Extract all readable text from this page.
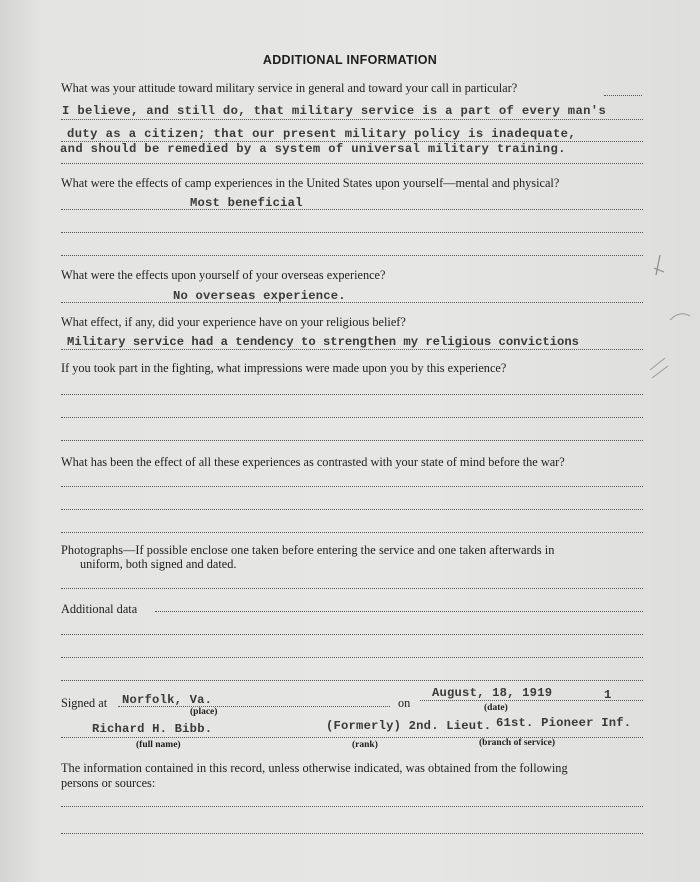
ADDITIONAL INFORMATION
What was your attitude toward military service in general and toward your call in particular?
I believe, and still do, that military service is a part of every man's
duty as a citizen; that our present military policy is inadequate,
and should be remedied by a system of universal military training.
What were the effects of camp experiences in the United States upon yourself—mental and physical?
Most beneficial
What were the effects upon yourself of your overseas experience?
No overseas experience.
What effect, if any, did your experience have on your religious belief?
Military service had a tendency to strengthen my religious convictions
If you took part in the fighting, what impressions were made upon you by this experience?
What has been the effect of all these experiences as contrasted with your state of mind before the war?
Photographs—If possible enclose one taken before entering the service and one taken afterwards in
uniform, both signed and dated.
Additional data
Signed at Norfolk, Va.
(place)
on
August, 18, 1919	1
(date)
Richard H. Bibb.	(Formerly) 2nd. Lieut. 61st. Pioneer Inf.
(full name)	(rank)	(branch of service)
The information contained in this record, unless otherwise indicated, was obtained from the following
persons or sources:
